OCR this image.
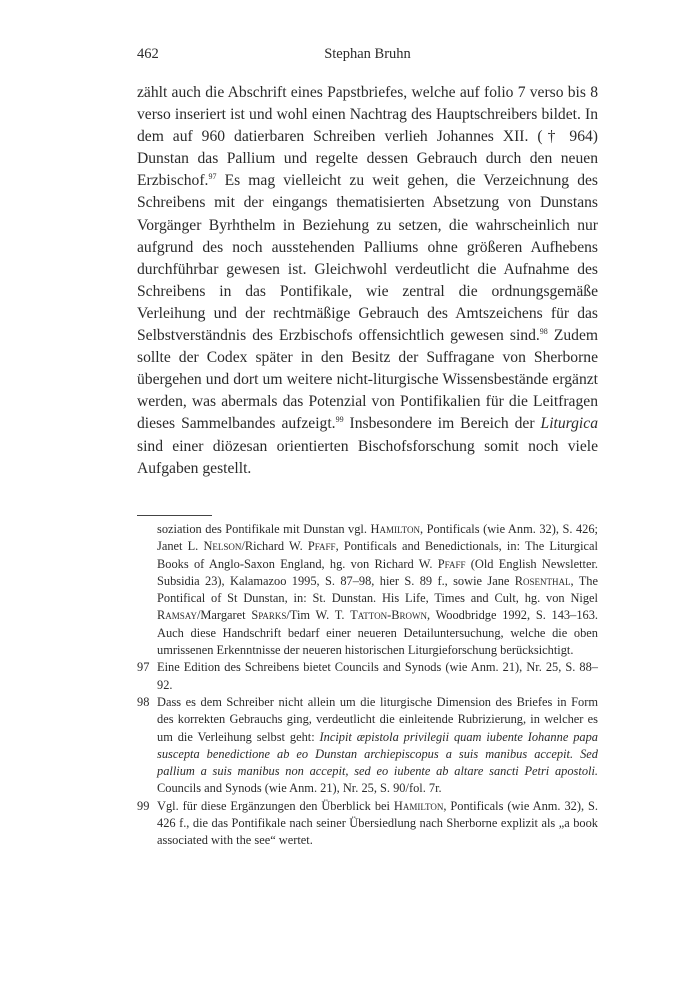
462	Stephan Bruhn
zählt auch die Abschrift eines Papstbriefes, welche auf folio 7 verso bis 8 verso inseriert ist und wohl einen Nachtrag des Hauptschreibers bildet. In dem auf 960 datierbaren Schreiben verlieh Johannes XII. († 964) Dunstan das Pallium und regelte dessen Gebrauch durch den neuen Erzbischof.$^{97}$ Es mag vielleicht zu weit gehen, die Verzeichnung des Schreibens mit der eingangs thematisierten Absetzung von Dunstans Vorgänger Byrhthelm in Beziehung zu setzen, die wahrscheinlich nur aufgrund des noch ausstehenden Palliums ohne größeren Aufhebens durchführbar gewesen ist. Gleichwohl verdeutlicht die Aufnahme des Schreibens in das Pontifikale, wie zentral die ordnungsgemäße Verleihung und der rechtmäßige Gebrauch des Amtszeichens für das Selbstverständnis des Erzbischofs offensichtlich gewesen sind.$^{98}$ Zudem sollte der Codex später in den Besitz der Suffragane von Sherborne übergehen und dort um weitere nicht-liturgische Wissensbestände ergänzt werden, was abermals das Potenzial von Pontifikalien für die Leitfragen dieses Sammelbandes aufzeigt.$^{99}$ Insbesondere im Bereich der Liturgica sind einer diözesan orientierten Bischofsforschung somit noch viele Aufgaben gestellt.
soziation des Pontifikale mit Dunstan vgl. Hamilton, Pontificals (wie Anm. 32), S. 426; Janet L. Nelson/Richard W. Pfaff, Pontificals and Benedictionals, in: The Liturgical Books of Anglo-Saxon England, hg. von Richard W. Pfaff (Old English Newsletter. Subsidia 23), Kalamazoo 1995, S. 87–98, hier S. 89 f., sowie Jane Rosenthal, The Pontifical of St Dunstan, in: St. Dunstan. His Life, Times and Cult, hg. von Nigel Ramsay/Margaret Sparks/Tim W. T. Tatton-Brown, Woodbridge 1992, S. 143–163. Auch diese Handschrift bedarf einer neueren Detailuntersuchung, welche die oben umrissenen Erkenntnisse der neueren historischen Liturgieforschung berücksichtigt.
97 Eine Edition des Schreibens bietet Councils and Synods (wie Anm. 21), Nr. 25, S. 88–92.
98 Dass es dem Schreiber nicht allein um die liturgische Dimension des Briefes in Form des korrekten Gebrauchs ging, verdeutlicht die einleitende Rubrizierung, in welcher es um die Verleihung selbst geht: Incipit æpistola privilegii quam iubente Iohanne papa suscepta benedictione ab eo Dunstan archiepiscopus a suis manibus accepit. Sed pallium a suis manibus non accepit, sed eo iubente ab altare sancti Petri apostoli. Councils and Synods (wie Anm. 21), Nr. 25, S. 90/fol. 7r.
99 Vgl. für diese Ergänzungen den Überblick bei Hamilton, Pontificals (wie Anm. 32), S. 426 f., die das Pontifikale nach seiner Übersiedlung nach Sherborne explizit als „a book associated with the see“ wertet.
